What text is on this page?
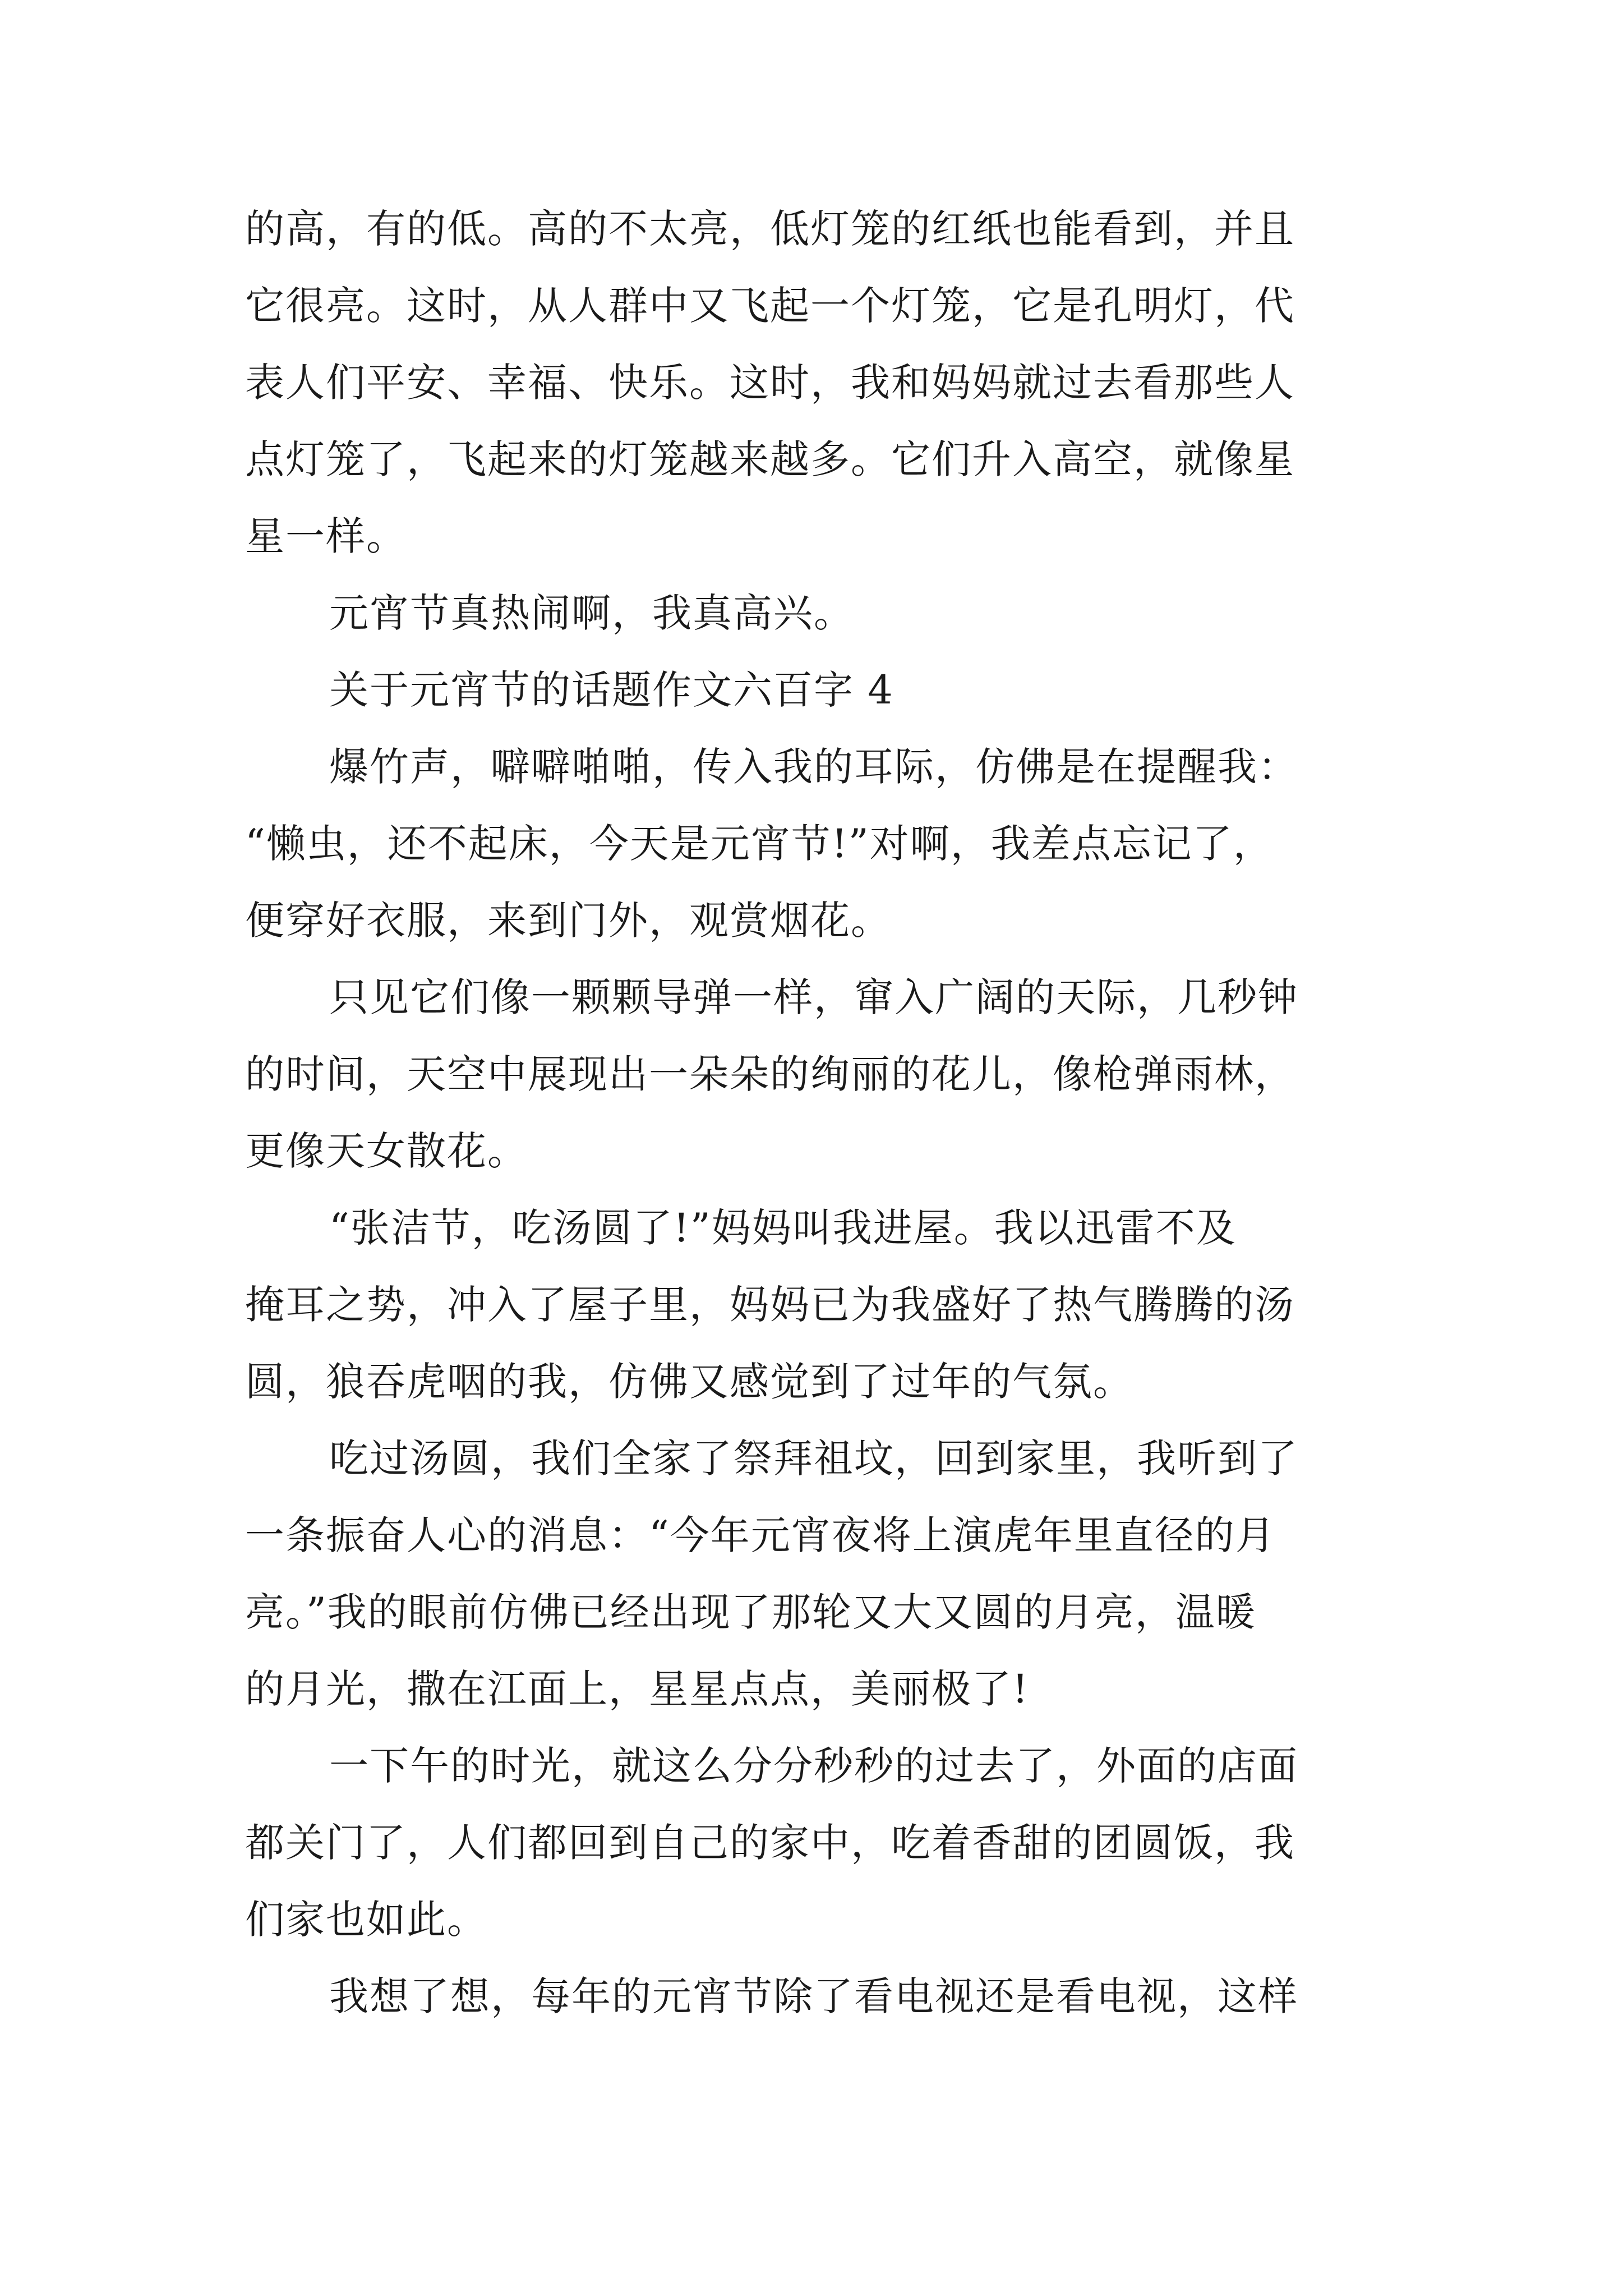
的高，有的低。高的不太亮，低灯笼的红纸也能看到，并且
它很亮。这时，从人群中又飞起一个灯笼，它是孔明灯，代
表人们平安、幸福、快乐。这时，我和妈妈就过去看那些人
点灯笼了，飞起来的灯笼越来越多。它们升入高空，就像星
星一样。
元宵节真热闹啊，我真高兴。
关于元宵节的话题作文六百字 4
爆竹声，噼噼啪啪，传入我的耳际，仿佛是在提醒我：
“懒虫，还不起床，今天是元宵节!”对啊，我差点忘记了，
便穿好衣服，来到门外，观赏烟花。
只见它们像一颗颗导弹一样，窜入广阔的天际，几秒钟
的时间，天空中展现出一朵朵的绚丽的花儿，像枪弹雨林，
更像天女散花。
“张洁节，吃汤圆了!”妈妈叫我进屋。我以迅雷不及
掩耳之势，冲入了屋子里，妈妈已为我盛好了热气腾腾的汤
圆，狼吞虎咽的我，仿佛又感觉到了过年的气氛。
吃过汤圆，我们全家了祭拜祖坟，回到家里，我听到了
一条振奋人心的消息：“今年元宵夜将上演虎年里直径的月
亮。”我的眼前仿佛已经出现了那轮又大又圆的月亮，温暖
的月光，撒在江面上，星星点点，美丽极了!
一下午的时光，就这么分分秒秒的过去了，外面的店面
都关门了，人们都回到自己的家中，吃着香甜的团圆饭，我
们家也如此。
我想了想，每年的元宵节除了看电视还是看电视，这样
